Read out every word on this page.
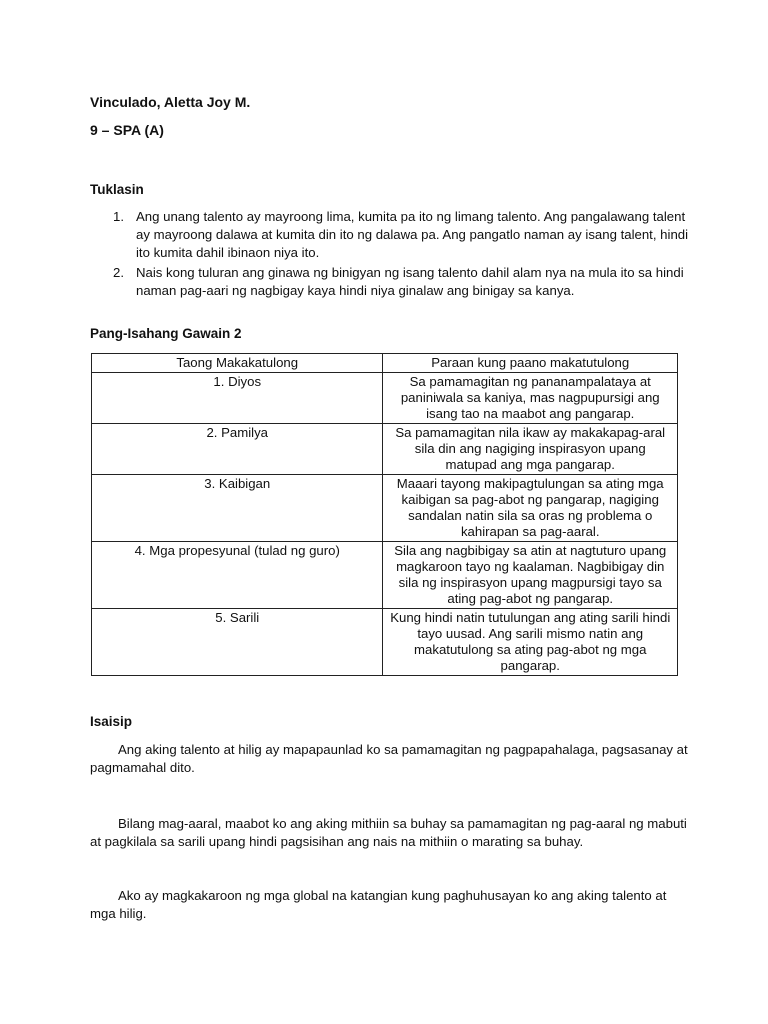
Vinculado, Aletta Joy M.
9 – SPA (A)
Tuklasin
1. Ang unang talento ay mayroong lima, kumita pa ito ng limang talento. Ang pangalawang talent ay mayroong dalawa at kumita din ito ng dalawa pa. Ang pangatlo naman ay isang talent, hindi ito kumita dahil ibinaon niya ito.
2. Nais kong tuluran ang ginawa ng binigyan ng isang talento dahil alam nya na mula ito sa hindi naman pag-aari ng nagbigay kaya hindi niya ginalaw ang binigay sa kanya.
Pang-Isahang Gawain 2
Taong Makakatulong	Paraan kung paano makatutulong
1. Diyos	Sa pamamagitan ng pananampalataya at paniniwala sa kaniya, mas nagpupursigi ang isang tao na maabot ang pangarap.
2. Pamilya	Sa pamamagitan nila ikaw ay makakapag-aral sila din ang nagiging inspirasyon upang matupad ang mga pangarap.
3. Kaibigan	Maaari tayong makipagtulungan sa ating mga kaibigan sa pag-abot ng pangarap, nagiging sandalan natin sila sa oras ng problema o kahirapan sa pag-aaral.
4. Mga propesyunal (tulad ng guro)	Sila ang nagbibigay sa atin at nagtuturo upang magkaroon tayo ng kaalaman. Nagbibigay din sila ng inspirasyon upang magpursigi tayo sa ating pag-abot ng pangarap.
5. Sarili	Kung hindi natin tutulungan ang ating sarili hindi tayo uusad. Ang sarili mismo natin ang makatutulong sa ating pag-abot ng mga pangarap.
Isaisip

Ang aking talento at hilig ay mapapaunlad ko sa pamamagitan ng pagpapahalaga, pagsasanay at pagmamahal dito.

Bilang mag-aaral, maabot ko ang aking mithiin sa buhay sa pamamagitan ng pag-aaral ng mabuti at pagkilala sa sarili upang hindi pagsisihan ang nais na mithiin o marating sa buhay.

Ako ay magkakaroon ng mga global na katangian kung paghuhusayan ko ang aking talento at mga hilig.
